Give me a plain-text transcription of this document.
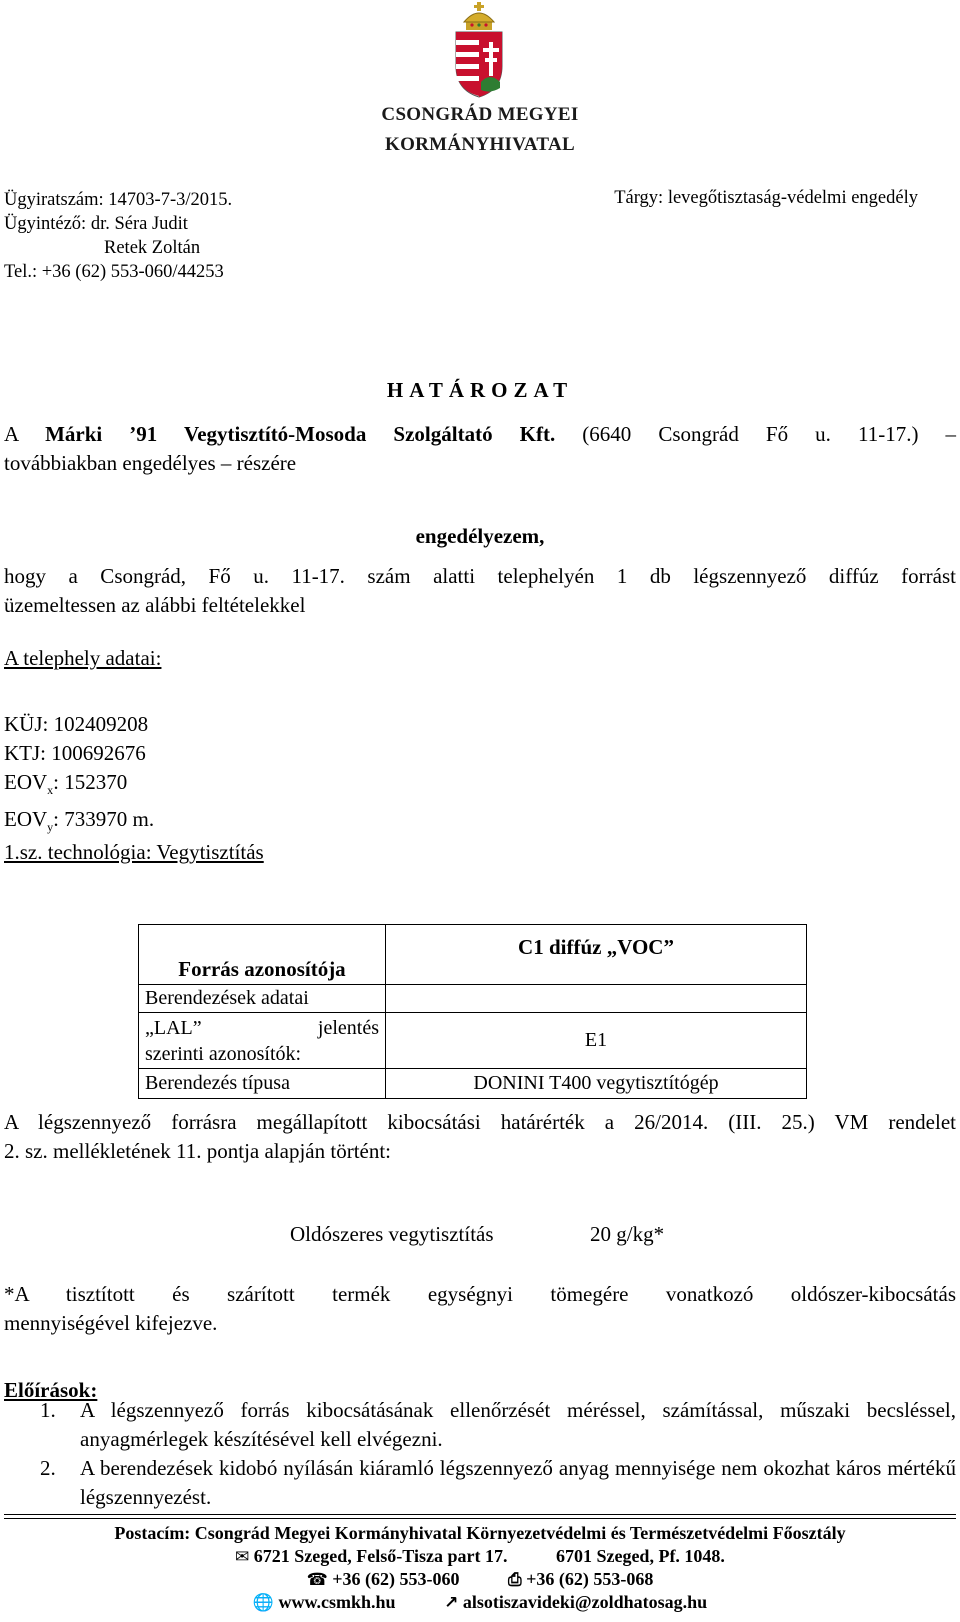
CSONGRÁD MEGYEI
KORMÁNYHIVATAL
Ügyiratszám: 14703-7-3/2015.
Ügyintéző: dr. Séra Judit
Retek Zoltán
Tel.: +36 (62) 553-060/44253
Tárgy: levegőtisztaság-védelmi engedély
HATÁROZAT
A Márki ’91 Vegytisztító-Mosoda Szolgáltató Kft. (6640 Csongrád Fő u. 11-17.) –
továbbiakban engedélyes – részére
engedélyezem,
hogy a Csongrád, Fő u. 11-17. szám alatti telephelyén 1 db légszennyező diffúz forrást
üzemeltessen az alábbi feltételekkel
A telephely adatai:
KÜJ: 102409208
KTJ: 100692676
$EOV_x$: 152370
$EOV_y$: 733970 m.
1.sz. technológia: Vegytisztítás
Forrás azonosítója	C1 diffúz „VOC”
Berendezések adatai	

„LAL” jelentés
szerinti azonosítók:	E1
Berendezés típusa	DONINI T400 vegytisztítógép
A légszennyező forrásra megállapított kibocsátási határérték a 26/2014. (III. 25.) VM rendelet
2. sz. mellékletének 11. pontja alapján történt:
Oldószeres vegytisztítás	20 g/kg*
*A tisztított és szárított termék egységnyi tömegére vonatkozó oldószer-kibocsátás
mennyiségével kifejezve.
Előírások:
1. A légszennyező forrás kibocsátásának ellenőrzését méréssel, számítással, műszaki becsléssel, anyagmérlegek készítésével kell elvégezni.
2. A berendezések kidobó nyílásán kiáramló légszennyező anyag mennyisége nem okozhat káros mértékű légszennyezést.
Postacím: Csongrád Megyei Kormányhivatal Környezetvédelmi és Természetvédelmi Főosztály
✉ 6721 Szeged, Felső-Tisza part 17.	6701 Szeged, Pf. 1048.
☎ +36 (62) 553-060	⎙ +36 (62) 553-068
🌐 www.csmkh.hu	↗ alsotiszavideki@zoldhatosag.hu
